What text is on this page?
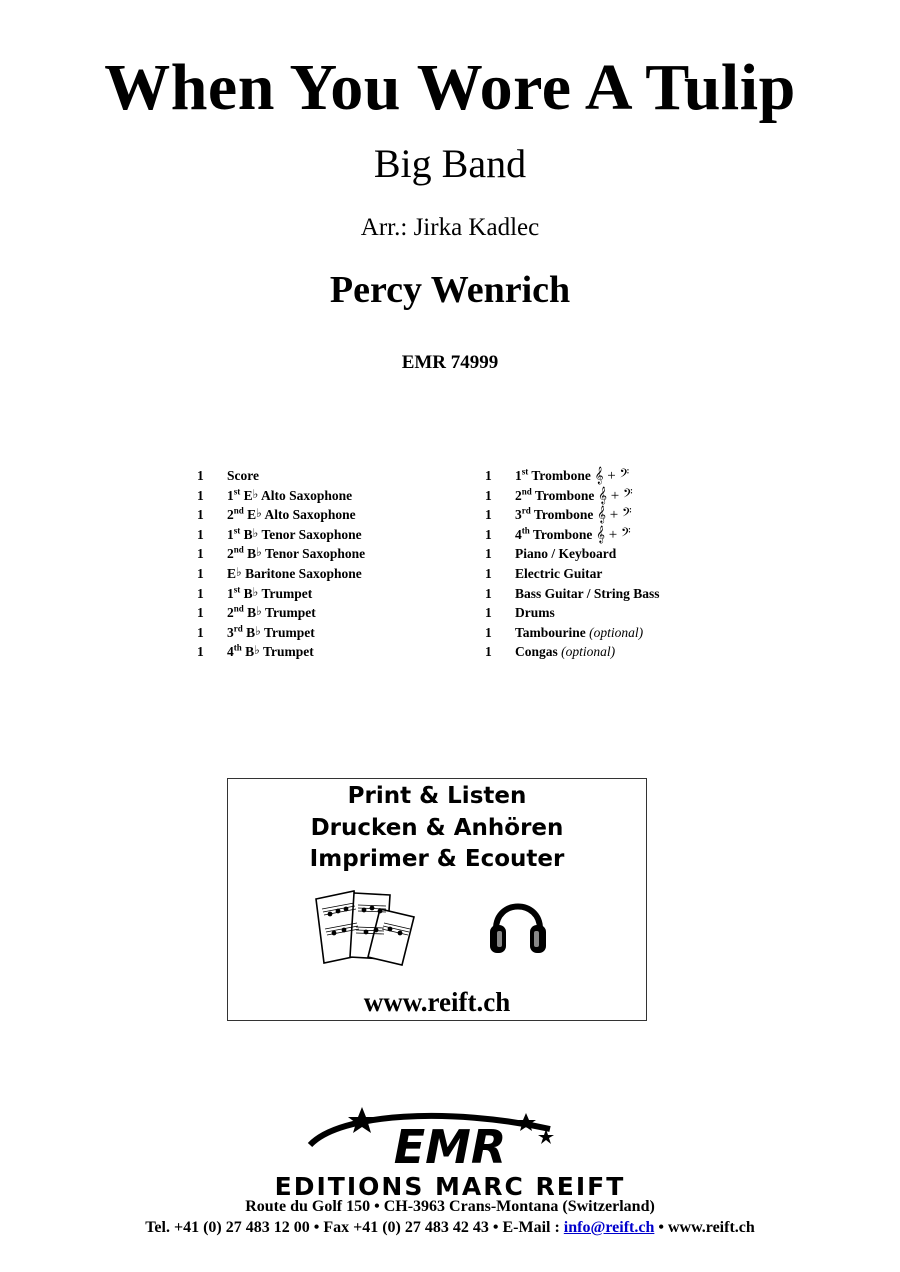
When You Wore A Tulip
Big Band
Arr.: Jirka Kadlec
Percy Wenrich
EMR 74999
1 Score
1 1st E♭ Alto Saxophone
1 2nd E♭ Alto Saxophone
1 1st B♭ Tenor Saxophone
1 2nd B♭ Tenor Saxophone
1 E♭ Baritone Saxophone
1 1st B♭ Trumpet
1 2nd B♭ Trumpet
1 3rd B♭ Trumpet
1 4th B♭ Trumpet
1 1st Trombone 𝄞 + 𝄢
1 2nd Trombone 𝄞 + 𝄢
1 3rd Trombone 𝄞 + 𝄢
1 4th Trombone 𝄞 + 𝄢
1 Piano / Keyboard
1 Electric Guitar
1 Bass Guitar / String Bass
1 Drums
1 Tambourine (optional)
1 Congas (optional)
Print & Listen
Drucken & Anhören
Imprimer & Ecouter
www.reift.ch
EMR
EDITIONS MARC REIFT
Route du Golf 150 • CH-3963 Crans-Montana (Switzerland)
Tel. +41 (0) 27 483 12 00 • Fax +41 (0) 27 483 42 43 • E-Mail : info@reift.ch • www.reift.ch
